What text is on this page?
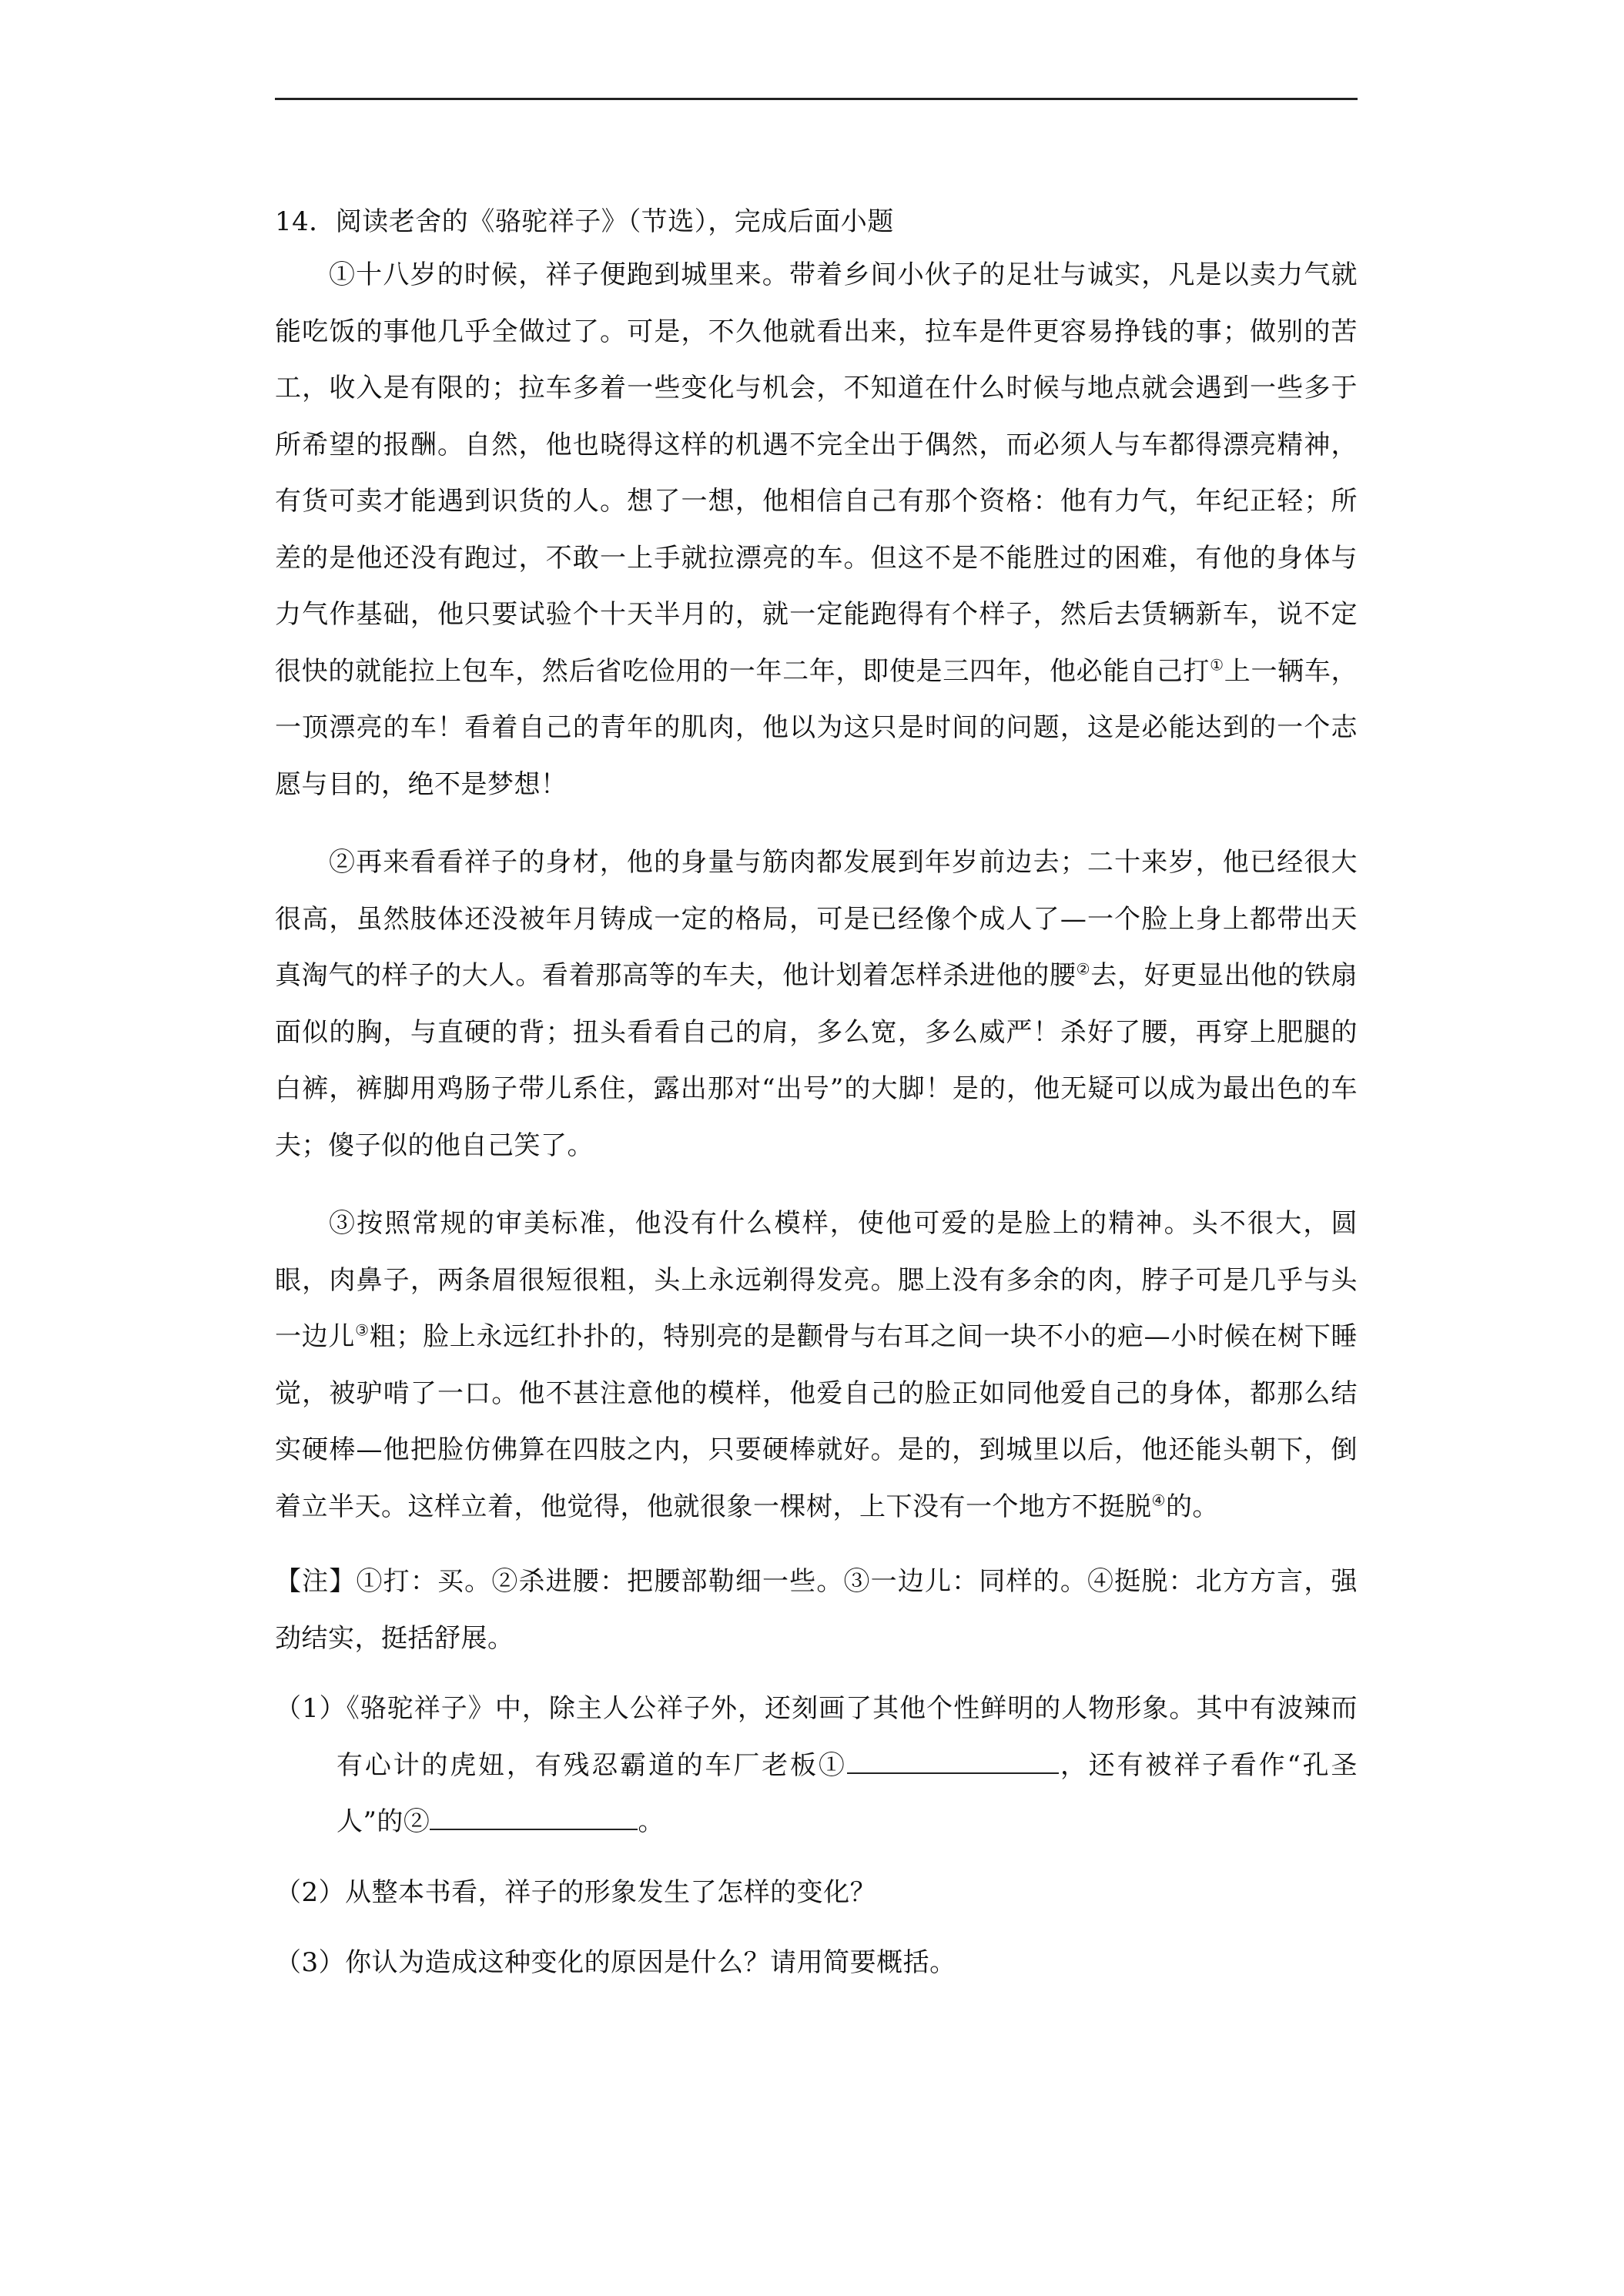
14．阅读老舍的《骆驼祥子》（节选），完成后面小题

①十八岁的时候，祥子便跑到城里来。带着乡间小伙子的足壮与诚实，凡是以卖力气就能吃饭的事他几乎全做过了。可是，不久他就看出来，拉车是件更容易挣钱的事；做别的苦工，收入是有限的；拉车多着一些变化与机会，不知道在什么时候与地点就会遇到一些多于所希望的报酬。自然，他也晓得这样的机遇不完全出于偶然，而必须人与车都得漂亮精神，有货可卖才能遇到识货的人。想了一想，他相信自己有那个资格：他有力气，年纪正轻；所差的是他还没有跑过，不敢一上手就拉漂亮的车。但这不是不能胜过的困难，有他的身体与力气作基础，他只要试验个十天半月的，就一定能跑得有个样子，然后去赁辆新车，说不定很快的就能拉上包车，然后省吃俭用的一年二年，即使是三四年，他必能自己打①上一辆车，一顶漂亮的车！看着自己的青年的肌肉，他以为这只是时间的问题，这是必能达到的一个志愿与目的，绝不是梦想！

②再来看看祥子的身材，他的身量与筋肉都发展到年岁前边去；二十来岁，他已经很大很高，虽然肢体还没被年月铸成一定的格局，可是已经像个成人了—一个脸上身上都带出天真淘气的样子的大人。看着那高等的车夫，他计划着怎样杀进他的腰②去，好更显出他的铁扇面似的胸，与直硬的背；扭头看看自己的肩，多么宽，多么威严！杀好了腰，再穿上肥腿的白裤，裤脚用鸡肠子带儿系住，露出那对“出号”的大脚！是的，他无疑可以成为最出色的车夫；傻子似的他自己笑了。

③按照常规的审美标准，他没有什么模样，使他可爱的是脸上的精神。头不很大，圆眼，肉鼻子，两条眉很短很粗，头上永远剃得发亮。腮上没有多余的肉，脖子可是几乎与头一边儿③粗；脸上永远红扑扑的，特别亮的是颧骨与右耳之间一块不小的疤—小时候在树下睡觉，被驴啃了一口。他不甚注意他的模样，他爱自己的脸正如同他爱自己的身体，都那么结实硬棒—他把脸仿佛算在四肢之内，只要硬棒就好。是的，到城里以后，他还能头朝下，倒着立半天。这样立着，他觉得，他就很象一棵树，上下没有一个地方不挺脱④的。

【注】①打：买。②杀进腰：把腰部勒细一些。③一边儿：同样的。④挺脱：北方方言，强劲结实，挺括舒展。

（1）《骆驼祥子》中，除主人公祥子外，还刻画了其他个性鲜明的人物形象。其中有波辣而有心计的虎妞，有残忍霸道的车厂老板①	，还有被祥子看作“孔圣人”的②	。

（2）从整本书看，祥子的形象发生了怎样的变化？

（3）你认为造成这种变化的原因是什么？请用简要概括。
